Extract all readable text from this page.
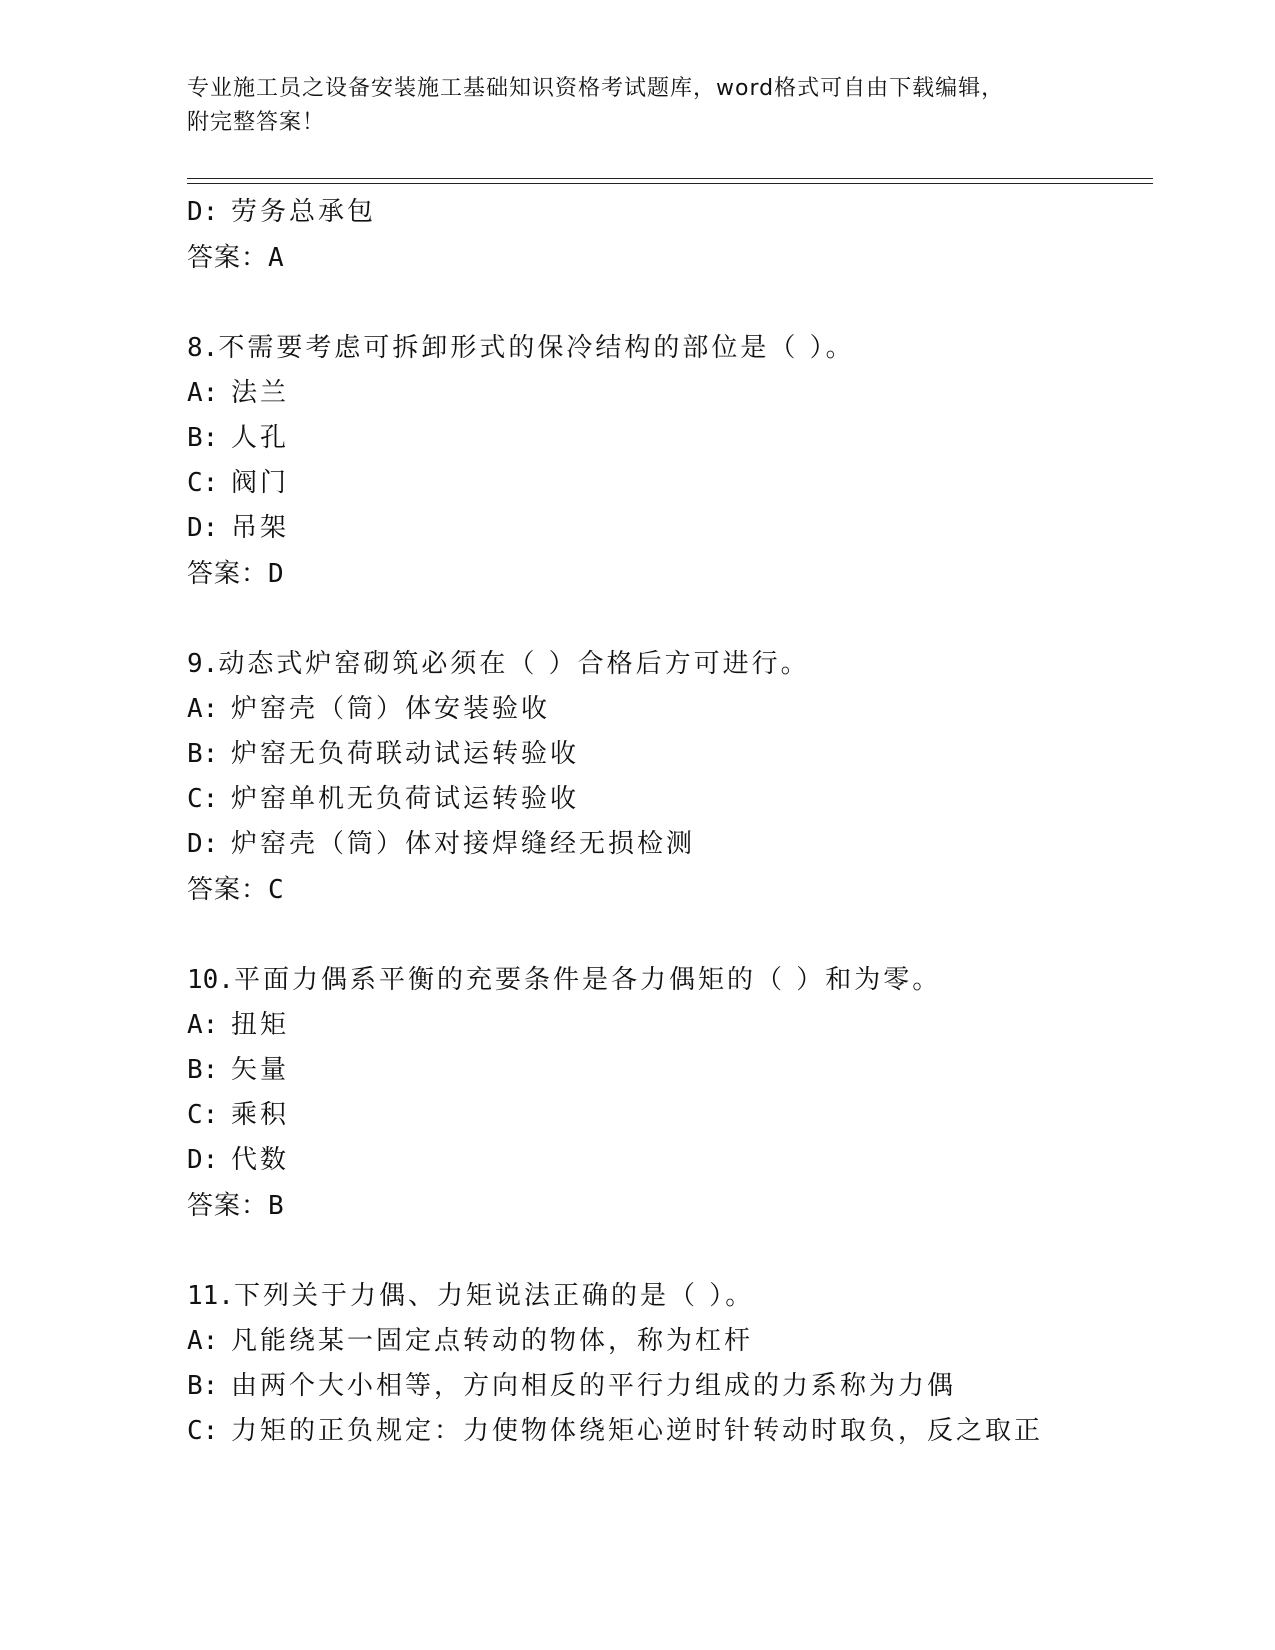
专业施工员之设备安装施工基础知识资格考试题库，word格式可自由下载编辑，
附完整答案！
D: 劳务总承包
答案：A
8.不需要考虑可拆卸形式的保冷结构的部位是（ ）。
A: 法兰
B: 人孔
C: 阀门
D: 吊架
答案：D
9.动态式炉窑砌筑必须在（ ）合格后方可进行。
A: 炉窑壳（筒）体安装验收
B: 炉窑无负荷联动试运转验收
C: 炉窑单机无负荷试运转验收
D: 炉窑壳（筒）体对接焊缝经无损检测
答案：C
10.平面力偶系平衡的充要条件是各力偶矩的（ ）和为零。
A: 扭矩
B: 矢量
C: 乘积
D: 代数
答案：B
11.下列关于力偶、力矩说法正确的是（ ）。
A: 凡能绕某一固定点转动的物体，称为杠杆
B: 由两个大小相等，方向相反的平行力组成的力系称为力偶
C: 力矩的正负规定：力使物体绕矩心逆时针转动时取负，反之取正
